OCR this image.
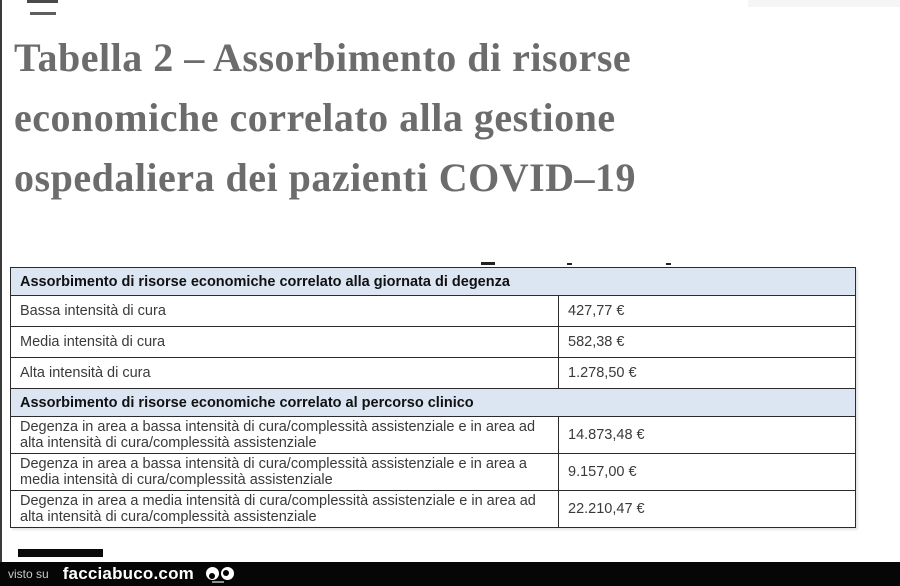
Tabella 2 – Assorbimento di risorse
economiche correlato alla gestione
ospedaliera dei pazienti COVID–19
Assorbimento di risorse economiche correlato alla giornata di degenza	
Bassa intensità di cura	427,77 €
Media intensità di cura	582,38 €
Alta intensità di cura	1.278,50 €
Assorbimento di risorse economiche correlato al percorso clinico	
Degenza in area a bassa intensità di cura/complessità assistenziale e in area ad alta intensità di cura/complessità assistenziale	14.873,48 €
Degenza in area a bassa intensità di cura/complessità assistenziale e in area a media intensità di cura/complessità assistenziale	9.157,00 €
Degenza in area a media intensità di cura/complessità assistenziale e in area ad alta intensità di cura/complessità assistenziale	22.210,47 €
visto su facciabuco.com
